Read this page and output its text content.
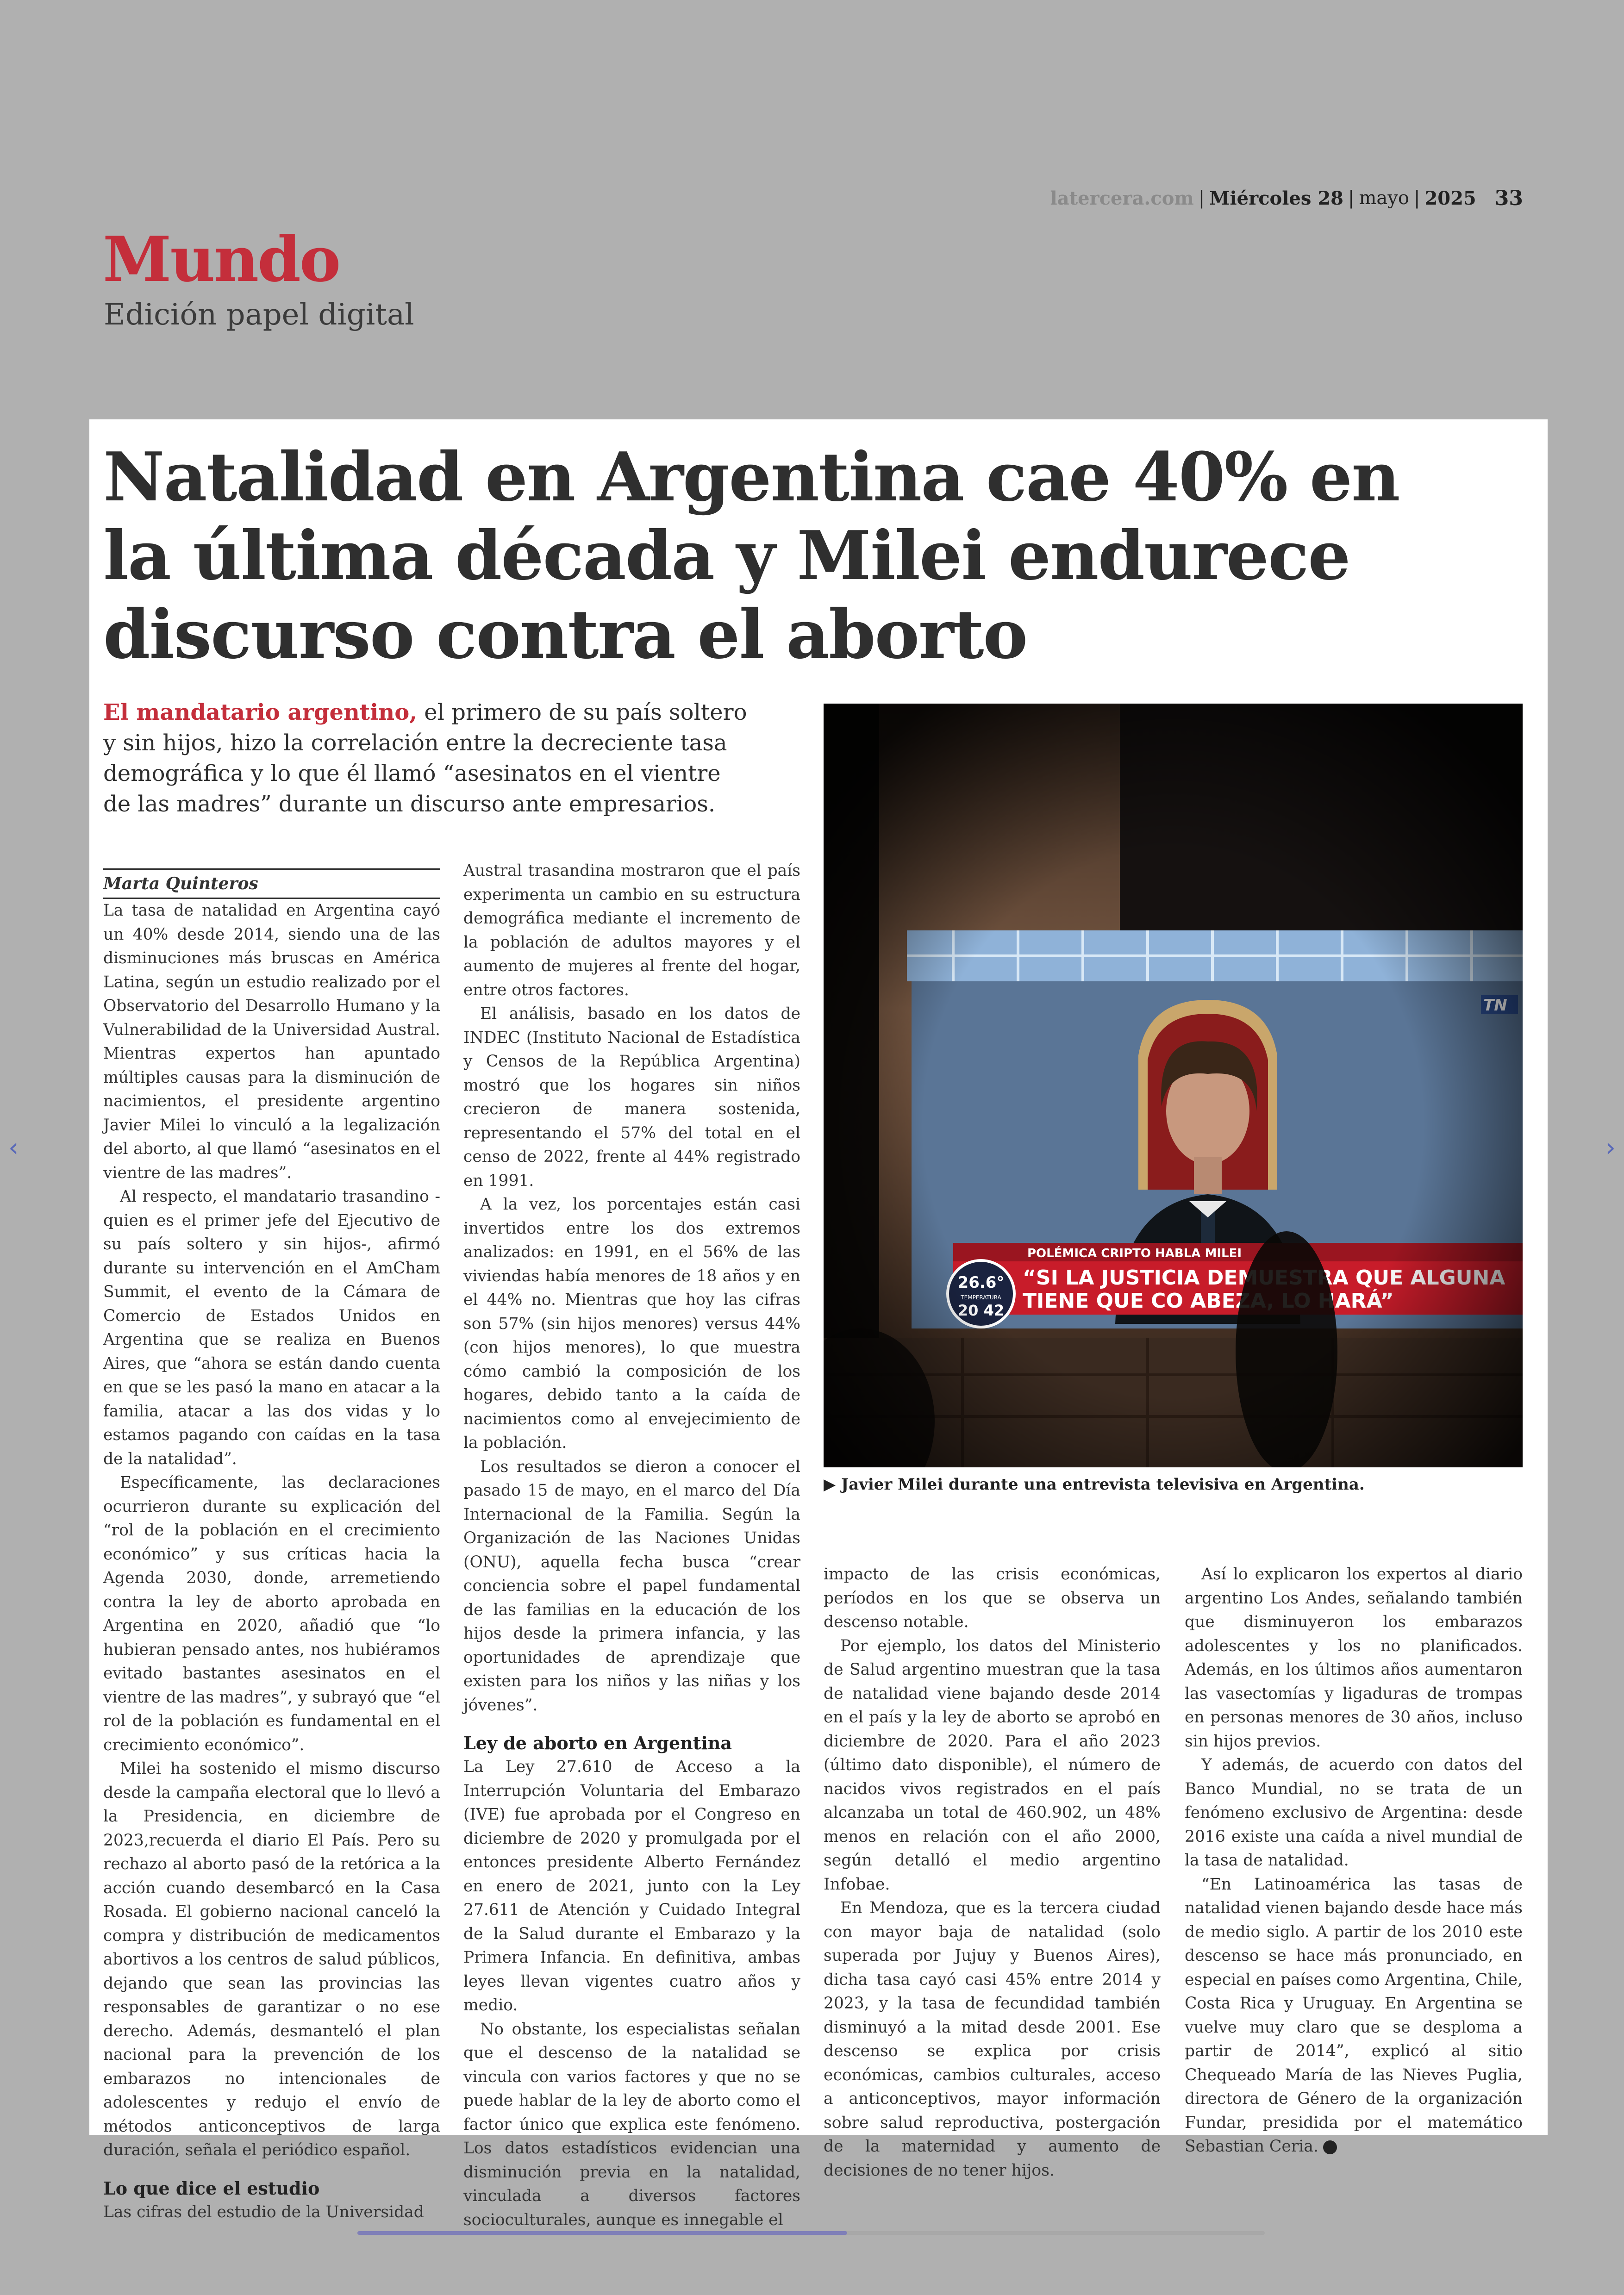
latercera.com | Miércoles 28 | mayo | 2025 33
Mundo
Edición papel digital
Natalidad en Argentina cae 40% en la última década y Milei endurece discurso contra el aborto
El mandatario argentino, el primero de su país soltero y sin hijos, hizo la correlación entre la decreciente tasa demográfica y lo que él llamó “asesinatos en el vientre de las madres” durante un discurso ante empresarios.
▶ Javier Milei durante una entrevista televisiva en Argentina.

Marta Quinteros

La tasa de natalidad en Argentina cayó un 40% desde 2014, siendo una de las disminuciones más bruscas en América Latina, según un estudio realizado por el Observatorio del Desarrollo Humano y la Vulnerabilidad de la Universidad Austral. Mientras expertos han apuntado múltiples causas para la disminución de nacimientos, el presidente argentino Javier Milei lo vinculó a la legalización del aborto, al que llamó “asesinatos en el vientre de las madres”.

Al respecto, el mandatario trasandino -quien es el primer jefe del Ejecutivo de su país soltero y sin hijos-, afirmó durante su intervención en el AmCham Summit, el evento de la Cámara de Comercio de Estados Unidos en Argentina que se realiza en Buenos Aires, que “ahora se están dando cuenta en que se les pasó la mano en atacar a la familia, atacar a las dos vidas y lo estamos pagando con caídas en la tasa de la natalidad”.

Específicamente, las declaraciones ocurrieron durante su explicación del “rol de la población en el crecimiento económico” y sus críticas hacia la Agenda 2030, donde, arremetiendo contra la ley de aborto aprobada en Argentina en 2020, añadió que “lo hubieran pensado antes, nos hubiéramos evitado bastantes asesinatos en el vientre de las madres”, y subrayó que “el rol de la población es fundamental en el crecimiento económico”.

Milei ha sostenido el mismo discurso desde la campaña electoral que lo llevó a la Presidencia, en diciembre de 2023,recuerda el diario El País. Pero su rechazo al aborto pasó de la retórica a la acción cuando desembarcó en la Casa Rosada. El gobierno nacional canceló la compra y distribución de medicamentos abortivos a los centros de salud públicos, dejando que sean las provincias las responsables de garantizar o no ese derecho. Además, desmanteló el plan nacional para la prevención de los embarazos no intencionales de adolescentes y redujo el envío de métodos anticonceptivos de larga duración, señala el periódico español.

Lo que dice el estudio

Las cifras del estudio de la Universidad

Austral trasandina mostraron que el país experimenta un cambio en su estructura demográfica mediante el incremento de la población de adultos mayores y el aumento de mujeres al frente del hogar, entre otros factores.

El análisis, basado en los datos de INDEC (Instituto Nacional de Estadística y Censos de la República Argentina) mostró que los hogares sin niños crecieron de manera sostenida, representando el 57% del total en el censo de 2022, frente al 44% registrado en 1991.

A la vez, los porcentajes están casi invertidos entre los dos extremos analizados: en 1991, en el 56% de las viviendas había menores de 18 años y en el 44% no. Mientras que hoy las cifras son 57% (sin hijos menores) versus 44% (con hijos menores), lo que muestra cómo cambió la composición de los hogares, debido tanto a la caída de nacimientos como al envejecimiento de la población.

Los resultados se dieron a conocer el pasado 15 de mayo, en el marco del Día Internacional de la Familia. Según la Organización de las Naciones Unidas (ONU), aquella fecha busca “crear conciencia sobre el papel fundamental de las familias en la educación de los hijos desde la primera infancia, y las oportunidades de aprendizaje que existen para los niños y las niñas y los jóvenes”.

Ley de aborto en Argentina

La Ley 27.610 de Acceso a la Interrupción Voluntaria del Embarazo (IVE) fue aprobada por el Congreso en diciembre de 2020 y promulgada por el entonces presidente Alberto Fernández en enero de 2021, junto con la Ley 27.611 de Atención y Cuidado Integral de la Salud durante el Embarazo y la Primera Infancia. En definitiva, ambas leyes llevan vigentes cuatro años y medio.

No obstante, los especialistas señalan que el descenso de la natalidad se vincula con varios factores y que no se puede hablar de la ley de aborto como el factor único que explica este fenómeno. Los datos estadísticos evidencian una disminución previa en la natalidad, vinculada a diversos factores socioculturales, aunque es innegable el

impacto de las crisis económicas, períodos en los que se observa un descenso notable.

Por ejemplo, los datos del Ministerio de Salud argentino muestran que la tasa de natalidad viene bajando desde 2014 en el país y la ley de aborto se aprobó en diciembre de 2020. Para el año 2023 (último dato disponible), el número de nacidos vivos registrados en el país alcanzaba un total de 460.902, un 48% menos en relación con el año 2000, según detalló el medio argentino Infobae.

En Mendoza, que es la tercera ciudad con mayor baja de natalidad (solo superada por Jujuy y Buenos Aires), dicha tasa cayó casi 45% entre 2014 y 2023, y la tasa de fecundidad también disminuyó a la mitad desde 2001. Ese descenso se explica por crisis económicas, cambios culturales, acceso a anticonceptivos, mayor información sobre salud reproductiva, postergación de la maternidad y aumento de decisiones de no tener hijos.

Así lo explicaron los expertos al diario argentino Los Andes, señalando también que disminuyeron los embarazos adolescentes y los no planificados. Además, en los últimos años aumentaron las vasectomías y ligaduras de trompas en personas menores de 30 años, incluso sin hijos previos.

Y además, de acuerdo con datos del Banco Mundial, no se trata de un fenómeno exclusivo de Argentina: desde 2016 existe una caída a nivel mundial de la tasa de natalidad.

“En Latinoamérica las tasas de natalidad vienen bajando desde hace más de medio siglo. A partir de los 2010 este descenso se hace más pronunciado, en especial en países como Argentina, Chile, Costa Rica y Uruguay. En Argentina se vuelve muy claro que se desploma a partir de 2014”, explicó al sitio Chequeado María de las Nieves Puglia, directora de Género de la organización Fundar, presidida por el matemático Sebastian Ceria.

‹	›
